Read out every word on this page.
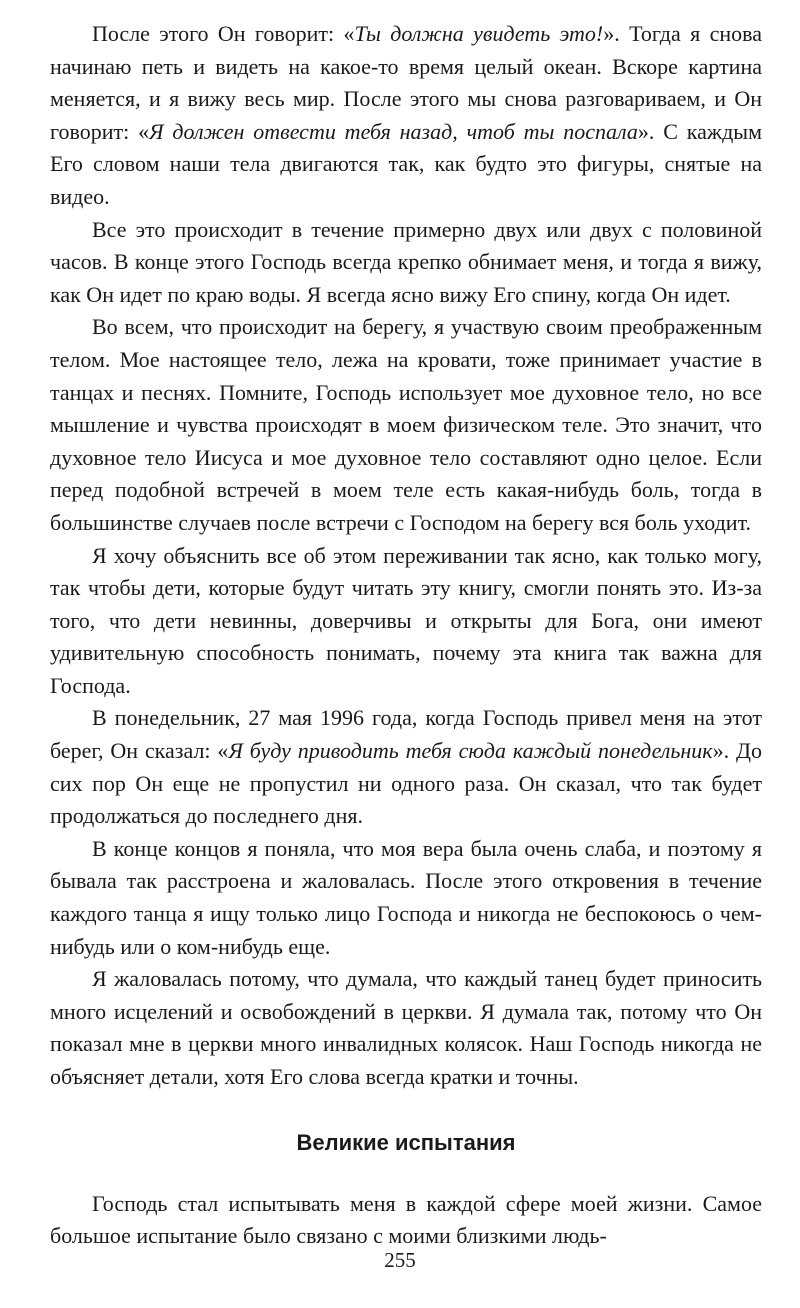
После этого Он говорит: «Ты должна увидеть это!». Тогда я снова начинаю петь и видеть на какое-то время целый океан. Вскоре картина меняется, и я вижу весь мир. После этого мы снова разговариваем, и Он говорит: «Я должен отвести тебя назад, чтоб ты поспала». С каждым Его словом наши тела двигаются так, как будто это фигуры, снятые на видео.

Все это происходит в течение примерно двух или двух с половиной часов. В конце этого Господь всегда крепко обнимает меня, и тогда я вижу, как Он идет по краю воды. Я всегда ясно вижу Его спину, когда Он идет.

Во всем, что происходит на берегу, я участвую своим преображенным телом. Мое настоящее тело, лежа на кровати, тоже принимает участие в танцах и песнях. Помните, Господь использует мое духовное тело, но все мышление и чувства происходят в моем физическом теле. Это значит, что духовное тело Иисуса и мое духовное тело составляют одно целое. Если перед подобной встречей в моем теле есть какая-нибудь боль, тогда в большинстве случаев после встречи с Господом на берегу вся боль уходит.

Я хочу объяснить все об этом переживании так ясно, как только могу, так чтобы дети, которые будут читать эту книгу, смогли понять это. Из-за того, что дети невинны, доверчивы и открыты для Бога, они имеют удивительную способность понимать, почему эта книга так важна для Господа.

В понедельник, 27 мая 1996 года, когда Господь привел меня на этот берег, Он сказал: «Я буду приводить тебя сюда каждый понедельник». До сих пор Он еще не пропустил ни одного раза. Он сказал, что так будет продолжаться до последнего дня.

В конце концов я поняла, что моя вера была очень слаба, и поэтому я бывала так расстроена и жаловалась. После этого откровения в течение каждого танца я ищу только лицо Господа и никогда не беспокоюсь о чем-нибудь или о ком-нибудь еще.

Я жаловалась потому, что думала, что каждый танец будет приносить много исцелений и освобождений в церкви. Я думала так, потому что Он показал мне в церкви много инвалидных колясок. Наш Господь никогда не объясняет детали, хотя Его слова всегда кратки и точны.

Великие испытания

Господь стал испытывать меня в каждой сфере моей жизни. Самое большое испытание было связано с моими близкими людь-

255
